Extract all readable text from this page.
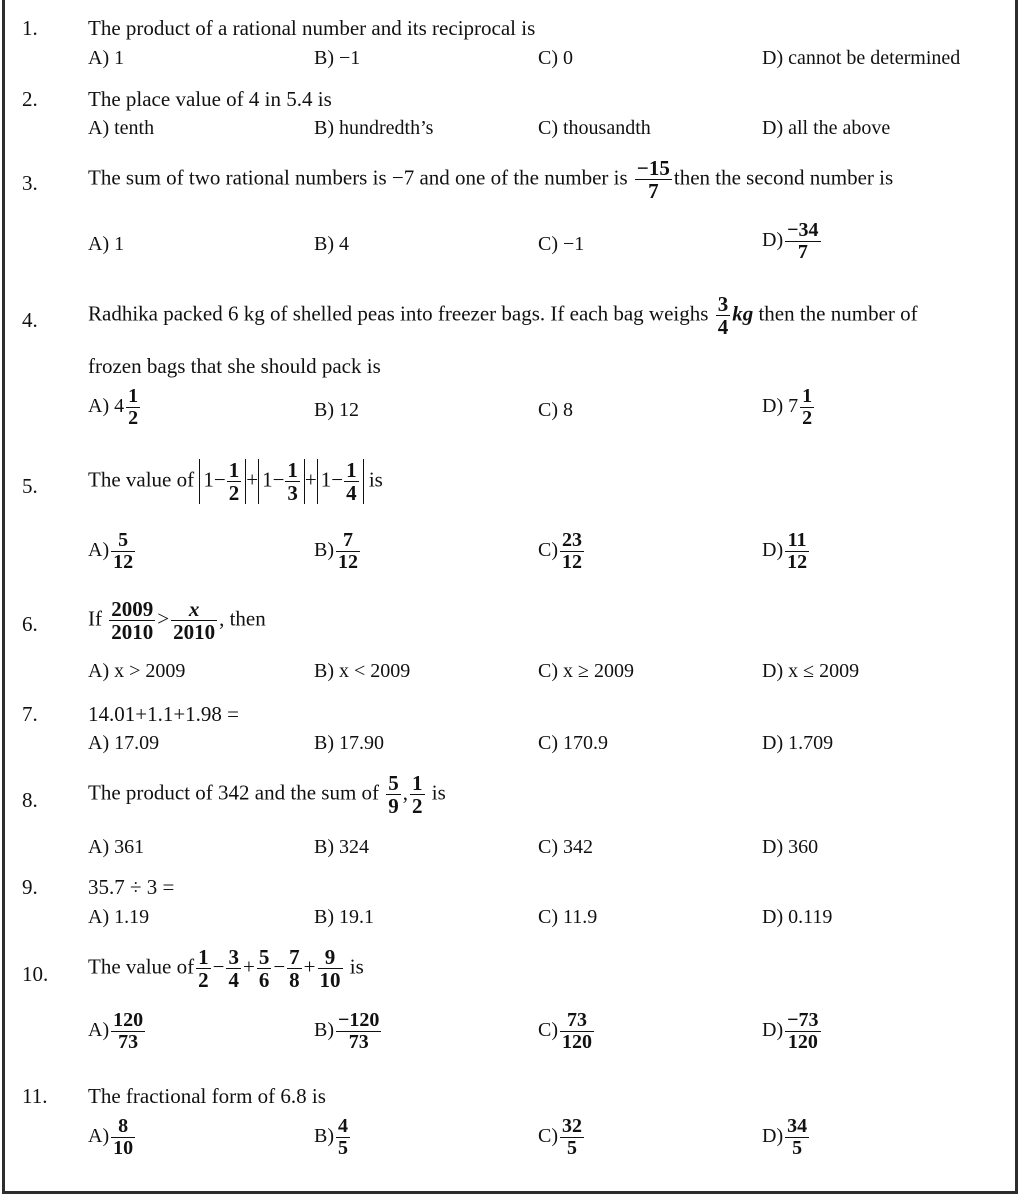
1. The product of a rational number and its reciprocal is
A) 1	B) −1	C) 0	D) cannot be determined
2. The place value of 4 in 5.4 is
A) tenth	B) hundredth’s	C) thousandth	D) all the above
3. The sum of two rational numbers is −7 and one of the number is $\frac{-15}{7}$ then the second number is
A) 1	B) 4	C) −1	$D) \frac{-34}{7}$
4. Radhika packed 6 kg of shelled peas into freezer bags. If each bag weighs $\frac{3}{4}$ kg then the number of
frozen bags that she should pack is
A) $4 \frac{1}{2}$	B) 12	C) 8	D) $7 \frac{1}{2}$
5. The value of $1- \frac{1}{2} + 1- \frac{1}{3} + 1- \frac{1}{4}$ is
$A) \frac{5}{12}$	$B) \frac{7}{12}$	$C) \frac{23}{12}$	$D) \frac{11}{12}$
6. If $\frac{2009}{2010} > \frac{x}{2010}$ , then
A) x > 2009	B) x < 2009	C) x ≥ 2009	D) x ≤ 2009
7. 14.01+1.1+1.98 =
A) 17.09	B) 17.90	C) 170.9	D) 1.709
8. The product of 342 and the sum of $\frac{5}{9}$ , $\frac{1}{2}$ is
A) 361	B) 324	C) 342	D) 360
9. 35.7 ÷ 3 =
A) 1.19	B) 19.1	C) 11.9	D) 0.119
10. The value of $\frac{1}{2} - \frac{3}{4} + \frac{5}{6} - \frac{7}{8} + \frac{9}{10}$ is
$A) \frac{120}{73}$	$B) \frac{-120}{73}$	$C) \frac{73}{120}$	$D) \frac{-73}{120}$
11. The fractional form of 6.8 is
$A) \frac{8}{10}$	$B) \frac{4}{5}$	$C) \frac{32}{5}$	$D) \frac{34}{5}$
